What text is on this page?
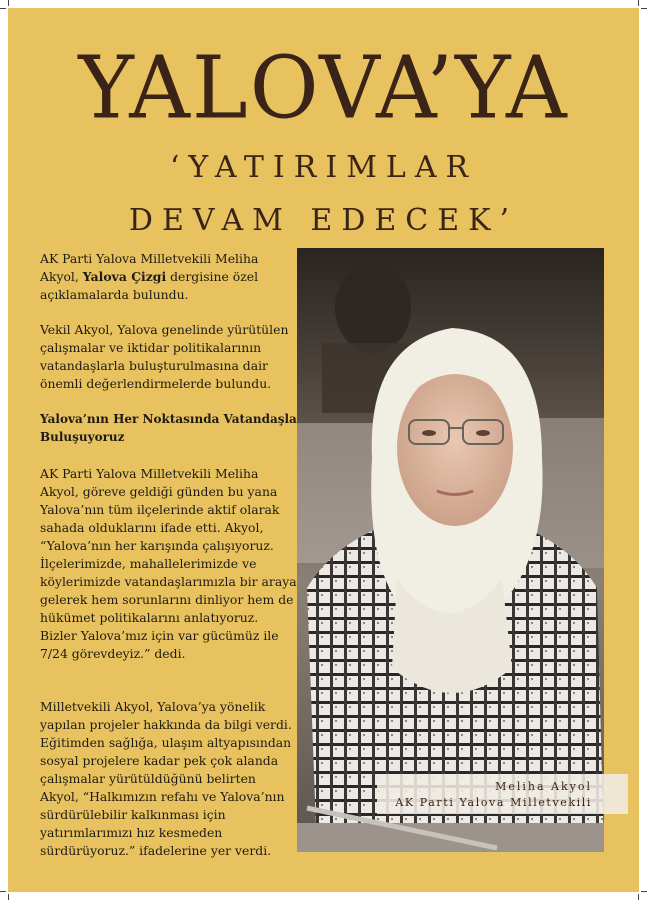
YALOVA’YA
‘YATIRIMLAR
DEVAM EDECEK’

AK Parti Yalova Milletvekili Meliha Akyol, Yalova Çizgi dergisine özel açıklamalarda bulundu.

Vekil Akyol, Yalova genelinde yürütülen çalışmalar ve iktidar politikalarının vatandaşlarla buluşturulmasına dair önemli değerlendirmelerde bulundu.

Yalova’nın Her Noktasında Vatandaşla Buluşuyoruz

AK Parti Yalova Milletvekili Meliha Akyol, göreve geldiği günden bu yana Yalova’nın tüm ilçelerinde aktif olarak sahada olduklarını ifade etti. Akyol, “Yalova’nın her karışında çalışıyoruz. İlçelerimizde, mahallelerimizde ve köylerimizde vatandaşlarımızla bir araya gelerek hem sorunlarını dinliyor hem de hükümet politikalarını anlatıyoruz. Bizler Yalova’mız için var gücümüz ile 7/24 görevdeyiz.” dedi.

Milletvekili Akyol, Yalova’ya yönelik yapılan projeler hakkında da bilgi verdi. Eğitimden sağlığa, ulaşım altyapısından sosyal projelere kadar pek çok alanda çalışmalar yürütüldüğünü belirten Akyol, “Halkımızın refahı ve Yalova’nın sürdürülebilir kalkınması için yatırımlarımızı hız kesmeden sürdürüyoruz.” ifadelerine yer verdi.

Meliha Akyol
AK Parti Yalova Milletvekili
